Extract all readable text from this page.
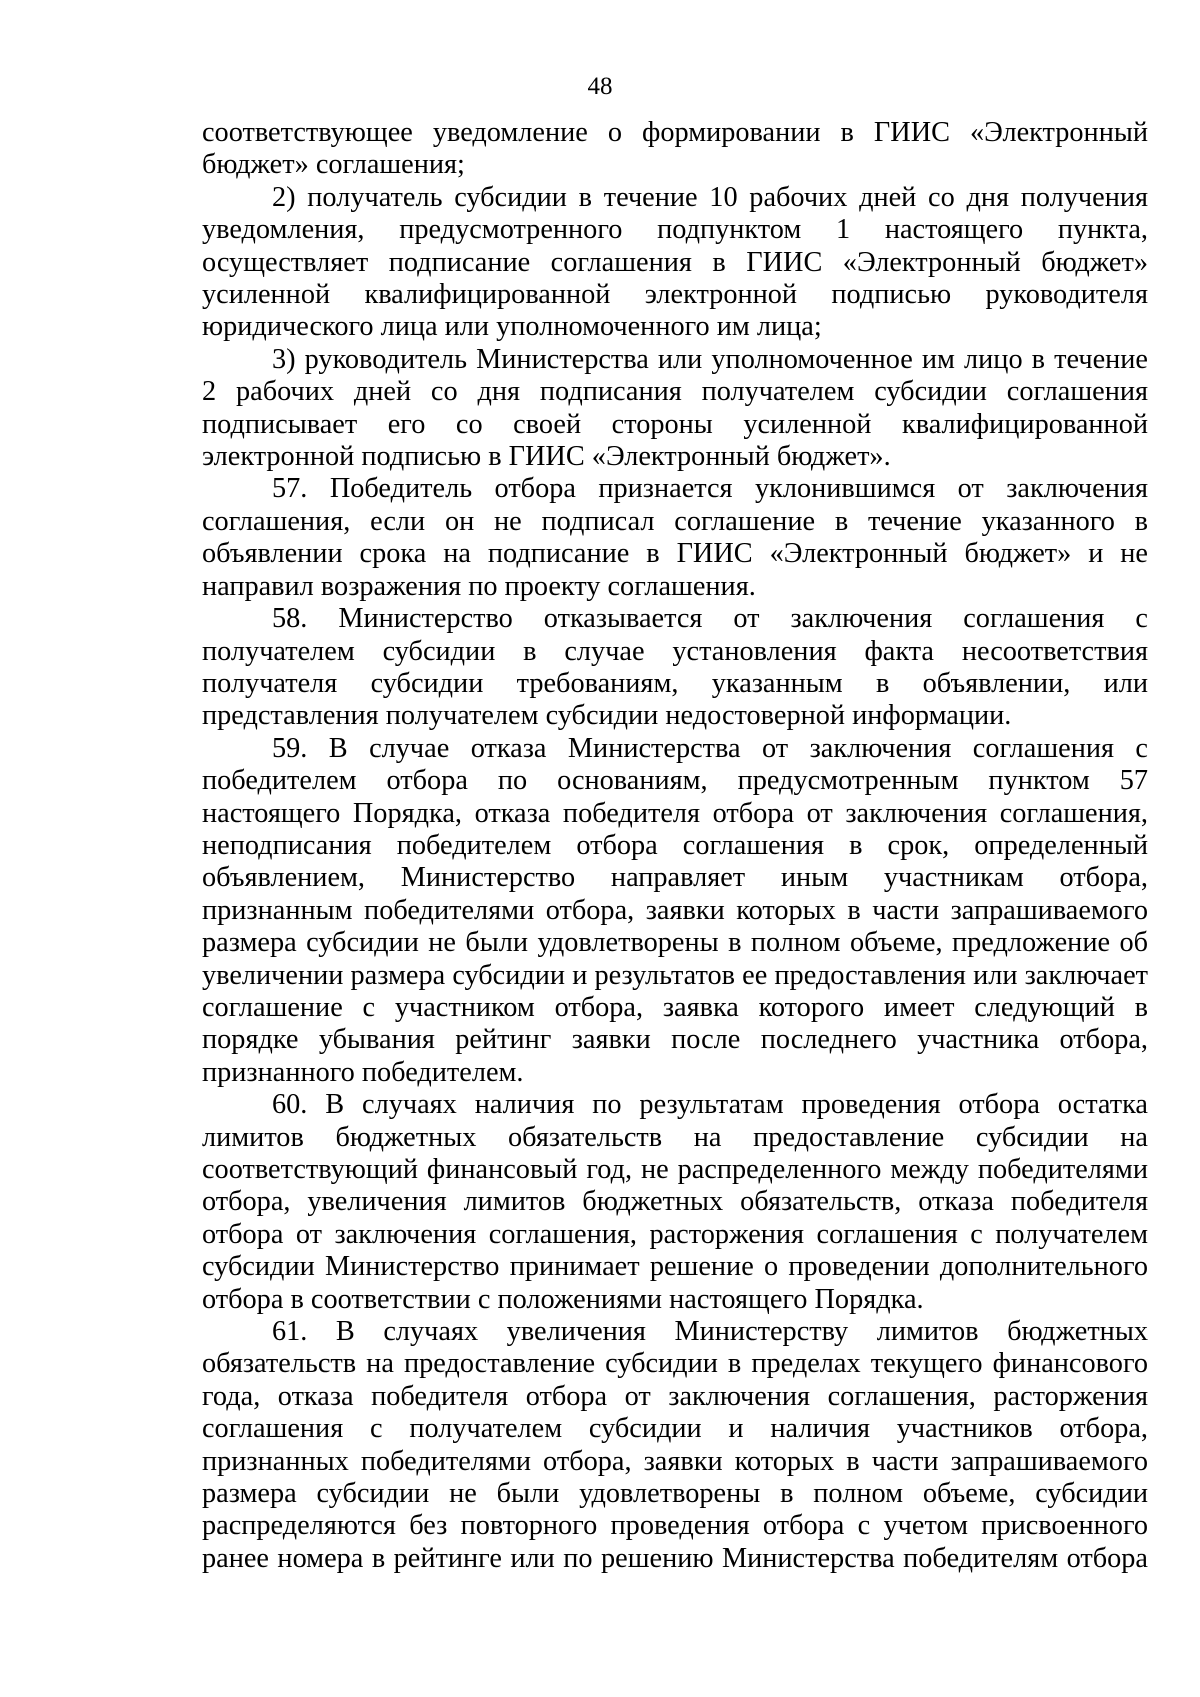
48

соответствующее уведомление о формировании в ГИИС «Электронный бюджет» соглашения;

2) получатель субсидии в течение 10 рабочих дней со дня получения уведомления, предусмотренного подпунктом 1 настоящего пункта, осуществляет подписание соглашения в ГИИС «Электронный бюджет» усиленной квалифицированной электронной подписью руководителя юридического лица или уполномоченного им лица;

3) руководитель Министерства или уполномоченное им лицо в течение 2 рабочих дней со дня подписания получателем субсидии соглашения подписывает его со своей стороны усиленной квалифицированной электронной подписью в ГИИС «Электронный бюджет».

57. Победитель отбора признается уклонившимся от заключения соглашения, если он не подписал соглашение в течение указанного в объявлении срока на подписание в ГИИС «Электронный бюджет» и не направил возражения по проекту соглашения.

58. Министерство отказывается от заключения соглашения с получателем субсидии в случае установления факта несоответствия получателя субсидии требованиям, указанным в объявлении, или представления получателем субсидии недостоверной информации.

59. В случае отказа Министерства от заключения соглашения с победителем отбора по основаниям, предусмотренным пунктом 57 настоящего Порядка, отказа победителя отбора от заключения соглашения, неподписания победителем отбора соглашения в срок, определенный объявлением, Министерство направляет иным участникам отбора, признанным победителями отбора, заявки которых в части запрашиваемого размера субсидии не были удовлетворены в полном объеме, предложение об увеличении размера субсидии и результатов ее предоставления или заключает соглашение с участником отбора, заявка которого имеет следующий в порядке убывания рейтинг заявки после последнего участника отбора, признанного победителем.

60. В случаях наличия по результатам проведения отбора остатка лимитов бюджетных обязательств на предоставление субсидии на соответствующий финансовый год, не распределенного между победителями отбора, увеличения лимитов бюджетных обязательств, отказа победителя отбора от заключения соглашения, расторжения соглашения с получателем субсидии Министерство принимает решение о проведении дополнительного отбора в соответствии с положениями настоящего Порядка.

61. В случаях увеличения Министерству лимитов бюджетных обязательств на предоставление субсидии в пределах текущего финансового года, отказа победителя отбора от заключения соглашения, расторжения соглашения с получателем субсидии и наличия участников отбора, признанных победителями отбора, заявки которых в части запрашиваемого размера субсидии не были удовлетворены в полном объеме, субсидии распределяются без повторного проведения отбора с учетом присвоенного ранее номера в рейтинге или по решению Министерства победителям отбора
